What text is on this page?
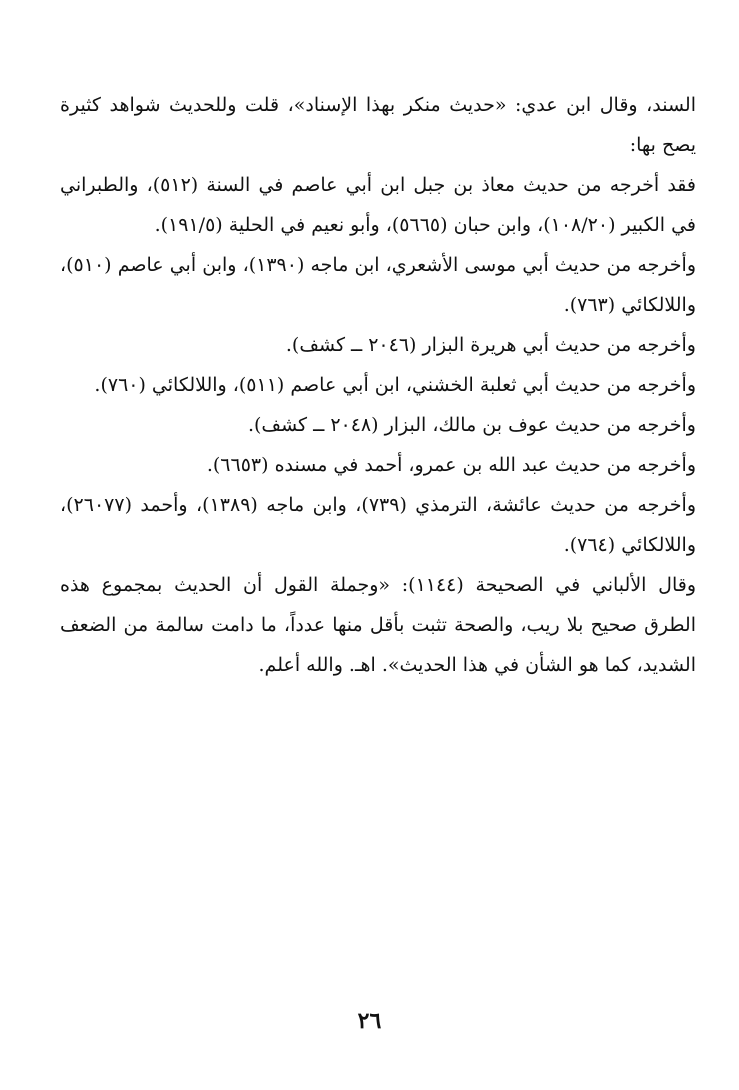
السند، وقال ابن عدي: «حديث منكر بهذا الإسناد»، قلت وللحديث شواهد كثيرة يصح بها:

فقد أخرجه من حديث معاذ بن جبل ابن أبي عاصم في السنة (٥١٢)، والطبراني في الكبير (١٠٨/٢٠)، وابن حبان (٥٦٦٥)، وأبو نعيم في الحلية (١٩١/٥).

وأخرجه من حديث أبي موسى الأشعري، ابن ماجه (١٣٩٠)، وابن أبي عاصم (٥١٠)، واللالكائي (٧٦٣).

وأخرجه من حديث أبي هريرة البزار (٢٠٤٦ ــ كشف).

وأخرجه من حديث أبي ثعلبة الخشني، ابن أبي عاصم (٥١١)، واللالكائي (٧٦٠).

وأخرجه من حديث عوف بن مالك، البزار (٢٠٤٨ ــ كشف).

وأخرجه من حديث عبد الله بن عمرو، أحمد في مسنده (٦٦٥٣).

وأخرجه من حديث عائشة، الترمذي (٧٣٩)، وابن ماجه (١٣٨٩)، وأحمد (٢٦٠٧٧)، واللالكائي (٧٦٤).

وقال الألباني في الصحيحة (١١٤٤): «وجملة القول أن الحديث بمجموع هذه الطرق صحيح بلا ريب، والصحة تثبت بأقل منها عدداً، ما دامت سالمة من الضعف الشديد، كما هو الشأن في هذا الحديث». اهـ. والله أعلم.

٢٦
